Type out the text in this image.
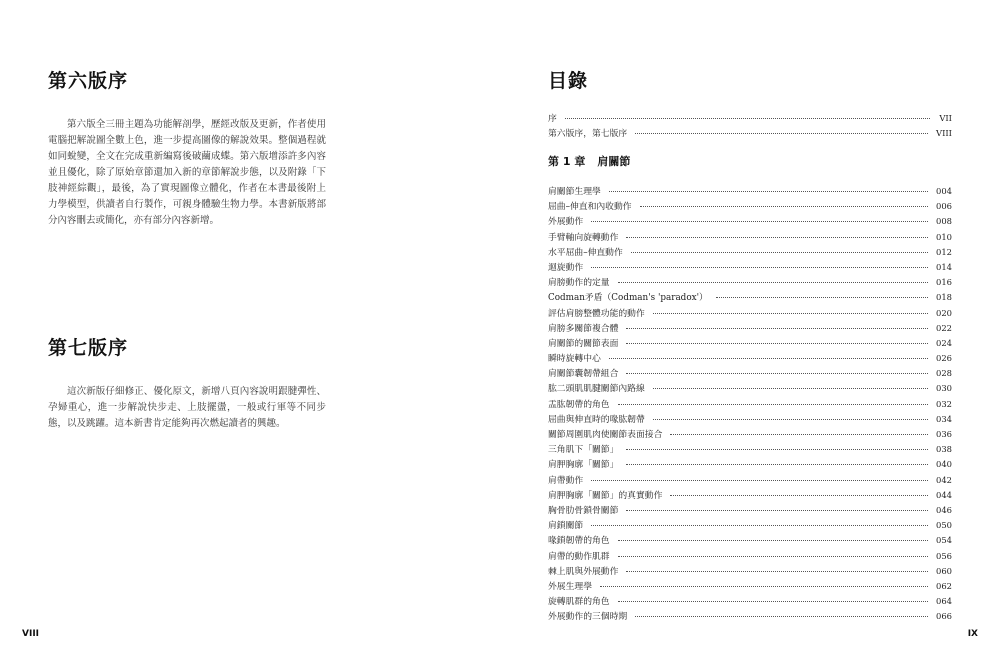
第六版序

第六版全三冊主題為功能解剖學，歷經改版及更新，作者使用電腦把解說圖全數上色，進一步提高圖像的解說效果。整個過程就如同蛻變，全文在完成重新編寫後破繭成蝶。第六版增添許多內容並且優化，除了原始章節還加入新的章節解說步態，以及附錄「下肢神經綜觀」，最後，為了實現圖像立體化，作者在本書最後附上力學模型，供讀者自行製作，可親身體驗生物力學。本書新版將部分內容刪去或簡化，亦有部分內容新增。

第七版序

這次新版仔細修正、優化原文，新增八頁內容說明跟腱彈性、孕婦重心，進一步解說快步走、上肢擺盪，一般或行軍等不同步態，以及跳躍。這本新書肯定能夠再次燃起讀者的興趣。

VIII
目錄
序	VII
第六版序，第七版序	VIII
第 1 章 肩關節
肩關節生理學	004
屈曲–伸直和內收動作	006
外展動作	008
手臂軸向旋轉動作	010
水平屈曲–伸直動作	012
迴旋動作	014
肩膀動作的定量	016
Codman矛盾（Codman's 'paradox'）	018
評估肩膀整體功能的動作	020
肩膀多關節複合體	022
肩關節的關節表面	024
瞬時旋轉中心	026
肩關節囊韌帶組合	028
肱二頭肌肌腱關節內路線	030
盂肱韌帶的角色	032
屈曲與伸直時的喙肱韌帶	034
關節周圍肌肉使關節表面接合	036
三角肌下「關節」	038
肩胛胸廓「關節」	040
肩帶動作	042
肩胛胸廓「關節」的真實動作	044
胸骨肋骨鎖骨關節	046
肩鎖關節	050
喙鎖韌帶的角色	054
肩帶的動作肌群	056
棘上肌與外展動作	060
外展生理學	062
旋轉肌群的角色	064
外展動作的三個時期	066
IX
